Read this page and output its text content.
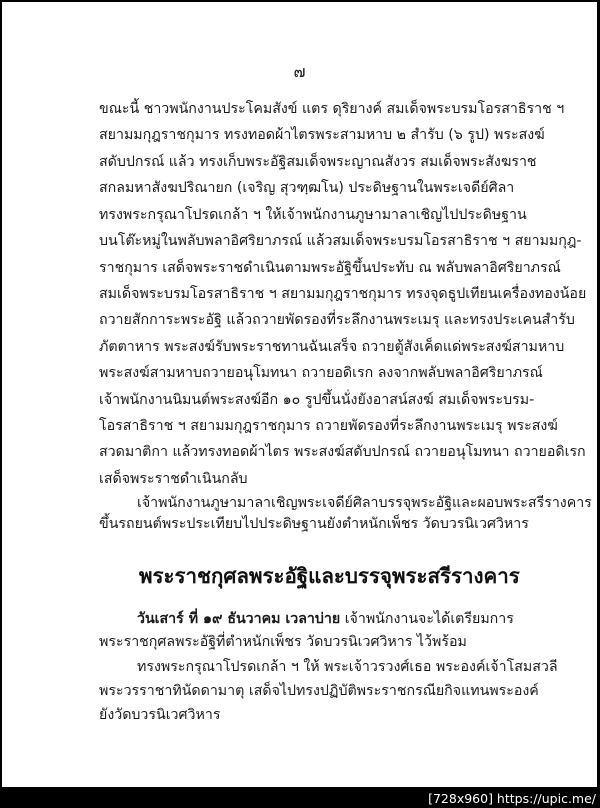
๗
ขณะนี้ ชาวพนักงานประโคมสังข์ แตร ดุริยางค์ สมเด็จพระบรมโอรสาธิราช ฯ
สยามมกุฎราชกุมาร ทรงทอดผ้าไตรพระสามหาบ ๒ สำรับ (๖ รูป) พระสงฆ์
สดับปกรณ์ แล้ว ทรงเก็บพระอัฐิสมเด็จพระญาณสังวร สมเด็จพระสังฆราช
สกลมหาสังฆปริณายก (เจริญ สุวฑฺฒโน) ประดิษฐานในพระเจดีย์ศิลา
ทรงพระกรุณาโปรดเกล้า ฯ ให้เจ้าพนักงานภูษามาลาเชิญไปประดิษฐาน
บนโต๊ะหมู่ในพลับพลาอิศริยาภรณ์ แล้วสมเด็จพระบรมโอรสาธิราช ฯ สยามมกุฎ-
ราชกุมาร เสด็จพระราชดำเนินตามพระอัฐิขึ้นประทับ ณ พลับพลาอิศริยาภรณ์
สมเด็จพระบรมโอรสาธิราช ฯ สยามมกุฎราชกุมาร ทรงจุดธูปเทียนเครื่องทองน้อย
ถวายสักการะพระอัฐิ แล้วถวายพัดรองที่ระลึกงานพระเมรุ และทรงประเคนสำรับ
ภัตตาหาร พระสงฆ์รับพระราชทานฉันเสร็จ ถวายตู้สังเค็ดแด่พระสงฆ์สามหาบ
พระสงฆ์สามหาบถวายอนุโมทนา ถวายอดิเรก ลงจากพลับพลาอิศริยาภรณ์
เจ้าพนักงานนิมนต์พระสงฆ์อีก ๑๐ รูปขึ้นนั่งยังอาสน์สงฆ์ สมเด็จพระบรม-
โอรสาธิราช ฯ สยามมกุฎราชกุมาร ถวายพัดรองที่ระลึกงานพระเมรุ พระสงฆ์
สวดมาติกา แล้วทรงทอดผ้าไตร พระสงฆ์สดับปกรณ์ ถวายอนุโมทนา ถวายอดิเรก
เสด็จพระราชดำเนินกลับ
เจ้าพนักงานภูษามาลาเชิญพระเจดีย์ศิลาบรรจุพระอัฐิและผอบพระสรีรางคาร
ขึ้นรถยนต์พระประเทียบไปประดิษฐานยังตำหนักเพ็ชร วัดบวรนิเวศวิหาร
พระราชกุศลพระอัฐิและบรรจุพระสรีรางคาร
วันเสาร์ ที่ ๑๙ ธันวาคม เวลาบ่าย เจ้าพนักงานจะได้เตรียมการ
พระราชกุศลพระอัฐิที่ตำหนักเพ็ชร วัดบวรนิเวศวิหาร ไว้พร้อม
ทรงพระกรุณาโปรดเกล้า ฯ ให้ พระเจ้าวรวงศ์เธอ พระองค์เจ้าโสมสวลี
พระวรราชาทินัดดามาตุ เสด็จไปทรงปฏิบัติพระราชกรณียกิจแทนพระองค์
ยังวัดบวรนิเวศวิหาร
[728x960] https://upic.me/
